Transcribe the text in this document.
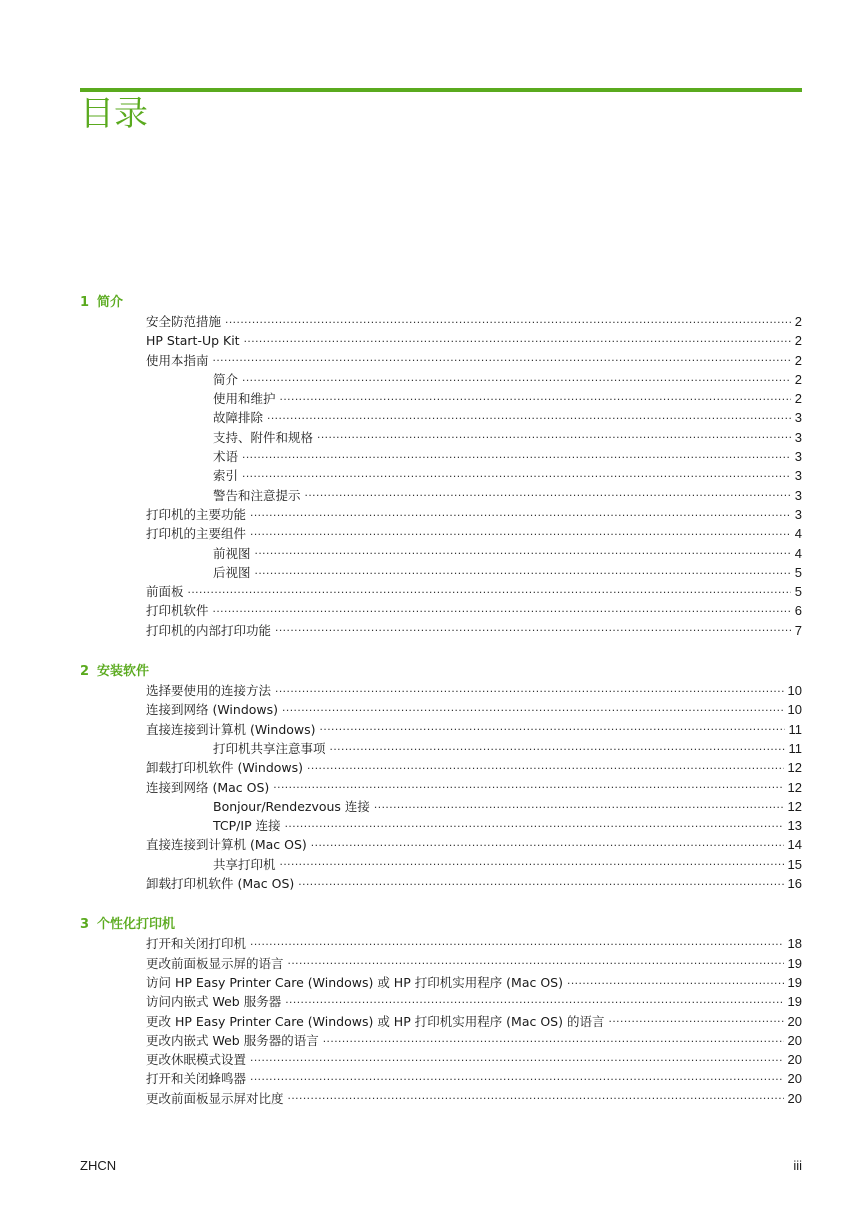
目录
1 简介
安全防范措施 .....	2
HP Start-Up Kit .....	2
使用本指南 .....	2
简介 .....	2
使用和维护 .....	2
故障排除 .....	3
支持、附件和规格 .....	3
术语 .....	3
索引 .....	3
警告和注意提示 .....	3
打印机的主要功能 .....	3
打印机的主要组件 .....	4
前视图 .....	4
后视图 .....	5
前面板 .....	5
打印机软件 .....	6
打印机的内部打印功能 .....	7
2 安装软件
选择要使用的连接方法 .....	10
连接到网络 (Windows) .....	10
直接连接到计算机 (Windows) .....	11
打印机共享注意事项 .....	11
卸载打印机软件 (Windows) .....	12
连接到网络 (Mac OS) .....	12
Bonjour/Rendezvous 连接 .....	12
TCP/IP 连接 .....	13
直接连接到计算机 (Mac OS) .....	14
共享打印机 .....	15
卸载打印机软件 (Mac OS) .....	16
3 个性化打印机
打开和关闭打印机 .....	18
更改前面板显示屏的语言 .....	19
访问 HP Easy Printer Care (Windows) 或 HP 打印机实用程序 (Mac OS) .....	19
访问内嵌式 Web 服务器 .....	19
更改 HP Easy Printer Care (Windows) 或 HP 打印机实用程序 (Mac OS) 的语言 .....	20
更改内嵌式 Web 服务器的语言 .....	20
更改休眠模式设置 .....	20
打开和关闭蜂鸣器 .....	20
更改前面板显示屏对比度 .....	20
ZHCN	iii
